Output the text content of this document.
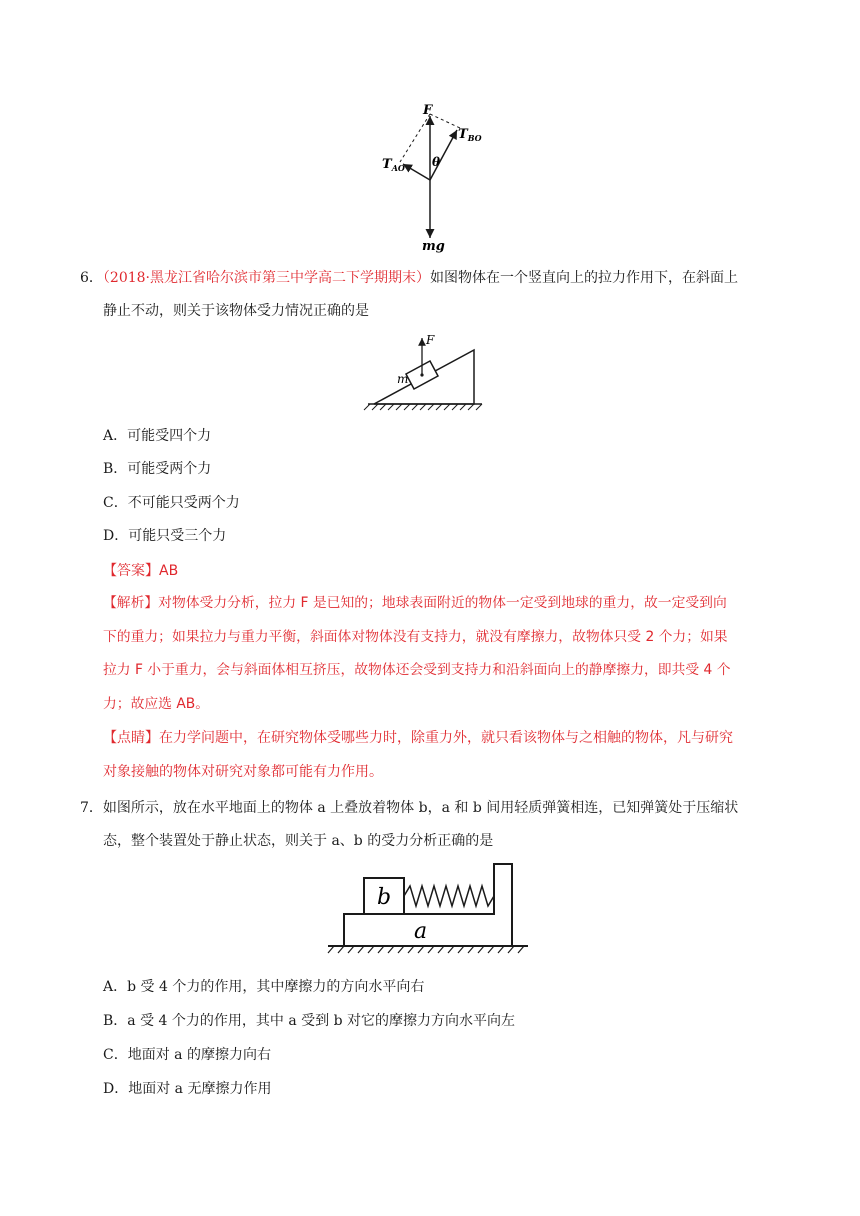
F
$T_{BO}$
$T_{AO}$ θ
mg
6．（2018·黑龙江省哈尔滨市第三中学高二下学期期末）如图物体在一个竖直向上的拉力作用下，在斜面上
静止不动，则关于该物体受力情况正确的是
F
m
A．可能受四个力
B．可能受两个力
C．不可能只受两个力
D．可能只受三个力
【答案】AB
【解析】对物体受力分析，拉力 F 是已知的；地球表面附近的物体一定受到地球的重力，故一定受到向
下的重力；如果拉力与重力平衡，斜面体对物体没有支持力，就没有摩擦力，故物体只受 2 个力；如果
拉力 F 小于重力，会与斜面体相互挤压，故物体还会受到支持力和沿斜面向上的静摩擦力，即共受 4 个
力；故应选 AB。
【点睛】在力学问题中，在研究物体受哪些力时，除重力外，就只看该物体与之相触的物体，凡与研究
对象接触的物体对研究对象都可能有力作用。
7．如图所示，放在水平地面上的物体 a 上叠放着物体 b，a 和 b 间用轻质弹簧相连，已知弹簧处于压缩状
态，整个装置处于静止状态，则关于 a、b 的受力分析正确的是
b
a
A．b 受 4 个力的作用，其中摩擦力的方向水平向右
B．a 受 4 个力的作用，其中 a 受到 b 对它的摩擦力方向水平向左
C．地面对 a 的摩擦力向右
D．地面对 a 无摩擦力作用
